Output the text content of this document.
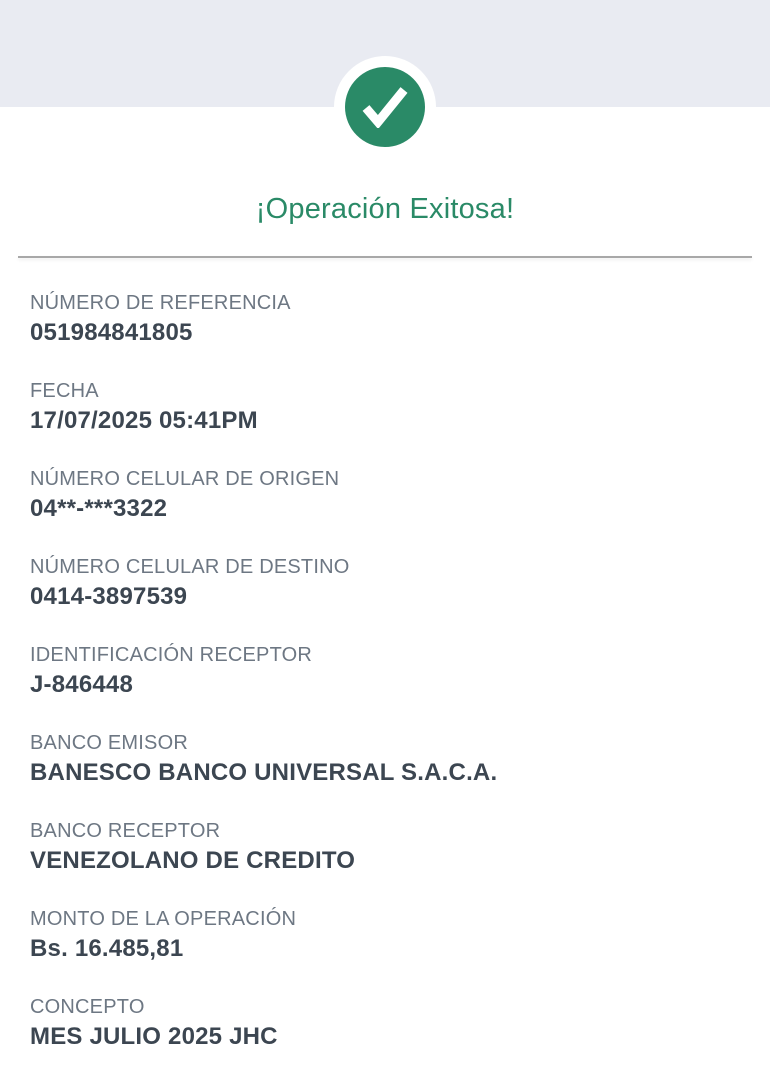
¡Operación Exitosa!
NÚMERO DE REFERENCIA
051984841805
FECHA
17/07/2025 05:41PM
NÚMERO CELULAR DE ORIGEN
04**-***3322
NÚMERO CELULAR DE DESTINO
0414-3897539
IDENTIFICACIÓN RECEPTOR
J-846448
BANCO EMISOR
BANESCO BANCO UNIVERSAL S.A.C.A.
BANCO RECEPTOR
VENEZOLANO DE CREDITO
MONTO DE LA OPERACIÓN
Bs. 16.485,81
CONCEPTO
MES JULIO 2025 JHC
